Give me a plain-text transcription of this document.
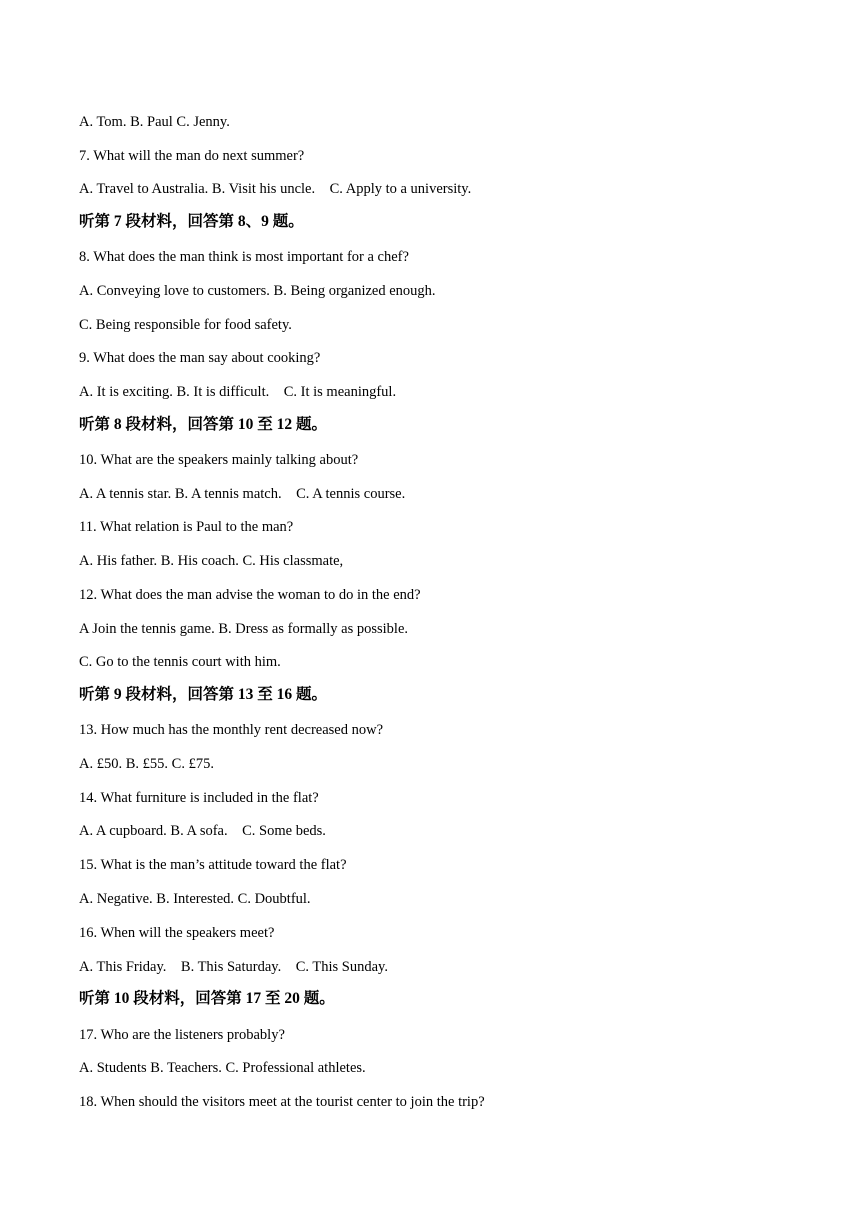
A. Tom. B. Paul C. Jenny.
7. What will the man do next summer?
A. Travel to Australia. B. Visit his uncle.    C. Apply to a university.
听第 7 段材料，回答第 8、9 题。
8. What does the man think is most important for a chef?
A. Conveying love to customers. B. Being organized enough.
C. Being responsible for food safety.
9. What does the man say about cooking?
A. It is exciting. B. It is difficult.    C. It is meaningful.
听第 8 段材料，回答第 10 至 12 题。
10. What are the speakers mainly talking about?
A. A tennis star. B. A tennis match.    C. A tennis course.
11. What relation is Paul to the man?
A. His father. B. His coach. C. His classmate,
12. What does the man advise the woman to do in the end?
A Join the tennis game. B. Dress as formally as possible.
C. Go to the tennis court with him.
听第 9 段材料，回答第 13 至 16 题。
13. How much has the monthly rent decreased now?
A. £50. B. £55. C. £75.
14. What furniture is included in the flat?
A. A cupboard. B. A sofa.    C. Some beds.
15. What is the man’s attitude toward the flat?
A. Negative. B. Interested. C. Doubtful.
16. When will the speakers meet?
A. This Friday.    B. This Saturday.    C. This Sunday.
听第 10 段材料，回答第 17 至 20 题。
17. Who are the listeners probably?
A. Students B. Teachers. C. Professional athletes.
18. When should the visitors meet at the tourist center to join the trip?
